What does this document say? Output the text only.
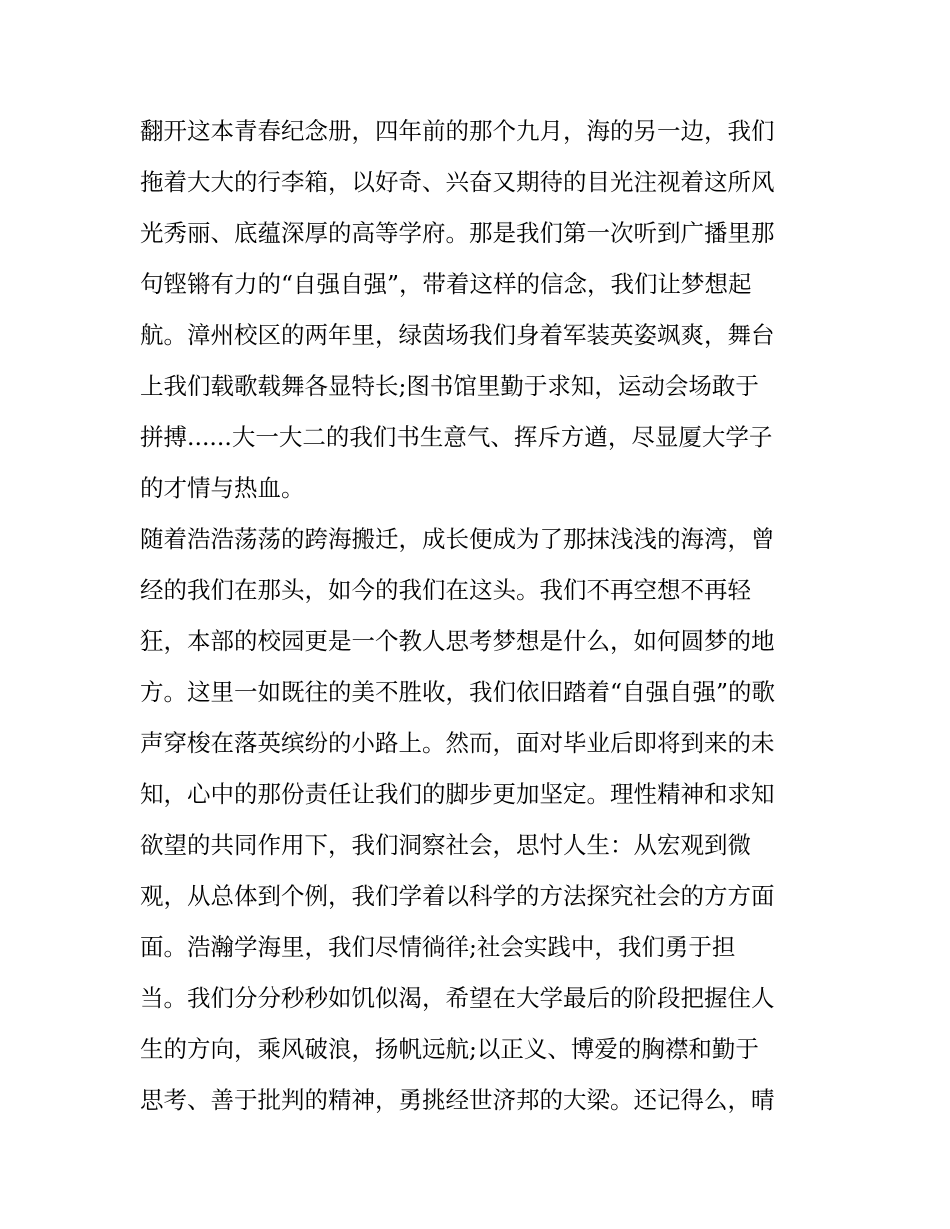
翻开这本青春纪念册，四年前的那个九月，海的另一边，我们
拖着大大的行李箱，以好奇、兴奋又期待的目光注视着这所风
光秀丽、底蕴深厚的高等学府。那是我们第一次听到广播里那
句铿锵有力的“自强自强”，带着这样的信念，我们让梦想起
航。漳州校区的两年里，绿茵场我们身着军装英姿飒爽，舞台
上我们载歌载舞各显特长;图书馆里勤于求知，运动会场敢于
拼搏......大一大二的我们书生意气、挥斥方遒，尽显厦大学子
的才情与热血。
随着浩浩荡荡的跨海搬迁，成长便成为了那抹浅浅的海湾，曾
经的我们在那头，如今的我们在这头。我们不再空想不再轻
狂，本部的校园更是一个教人思考梦想是什么，如何圆梦的地
方。这里一如既往的美不胜收，我们依旧踏着“自强自强”的歌
声穿梭在落英缤纷的小路上。然而，面对毕业后即将到来的未
知，心中的那份责任让我们的脚步更加坚定。理性精神和求知
欲望的共同作用下，我们洞察社会，思忖人生：从宏观到微
观，从总体到个例，我们学着以科学的方法探究社会的方方面
面。浩瀚学海里，我们尽情徜徉;社会实践中，我们勇于担
当。我们分分秒秒如饥似渴，希望在大学最后的阶段把握住人
生的方向，乘风破浪，扬帆远航;以正义、博爱的胸襟和勤于
思考、善于批判的精神，勇挑经世济邦的大梁。还记得么，晴
